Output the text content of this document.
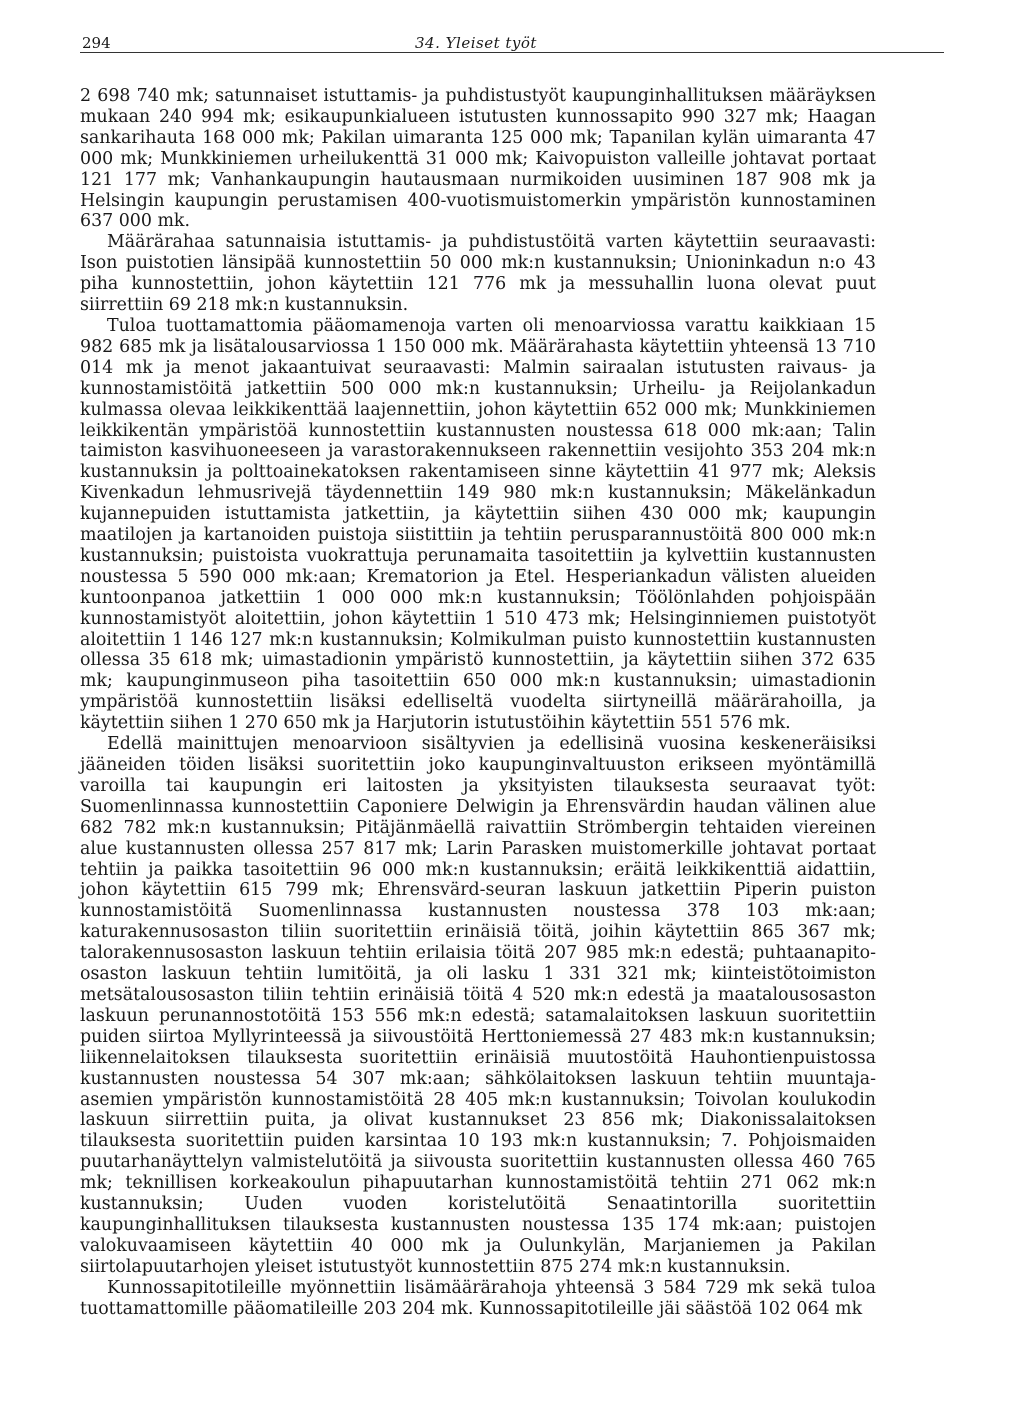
294	34. Yleiset työt

2 698 740 mk; satunnaiset istuttamis- ja puhdistustyöt kaupunginhallituksen määräyksen mukaan 240 994 mk; esikaupunkialueen istutusten kunnossapito 990 327 mk; Haagan sankarihauta 168 000 mk; Pakilan uimaranta 125 000 mk; Tapanilan kylän uimaranta 47 000 mk; Munkkiniemen urheilukenttä 31 000 mk; Kaivopuiston valleille johtavat portaat 121 177 mk; Vanhankaupungin hautausmaan nurmikoiden uusiminen 187 908 mk ja Helsingin kaupungin perustamisen 400-vuotismuistomerkin ympäristön kunnostaminen 637 000 mk.

Määrärahaa satunnaisia istuttamis- ja puhdistustöitä varten käytettiin seuraavasti: Ison puistotien länsipää kunnostettiin 50 000 mk:n kustannuksin; Unioninkadun n:o 43 piha kunnostettiin, johon käytettiin 121 776 mk ja messuhallin luona olevat puut siirrettiin 69 218 mk:n kustannuksin.

Tuloa tuottamattomia pääomamenoja varten oli menoarviossa varattu kaikkiaan 15 982 685 mk ja lisätalousarviossa 1 150 000 mk. Määrärahasta käytettiin yhteensä 13 710 014 mk ja menot jakaantuivat seuraavasti: Malmin sairaalan istutusten raivaus- ja kunnostamistöitä jatkettiin 500 000 mk:n kustannuksin; Urheilu- ja Reijolankadun kulmassa olevaa leikkikenttää laajennettiin, johon käytettiin 652 000 mk; Munkkiniemen leikkikentän ympäristöä kunnostettiin kustannusten noustessa 618 000 mk:aan; Talin taimiston kasvihuoneeseen ja varastorakennukseen rakennettiin vesijohto 353 204 mk:n kustannuksin ja polttoainekatoksen rakentamiseen sinne käytettiin 41 977 mk; Aleksis Kivenkadun lehmusrivejä täydennettiin 149 980 mk:n kustannuksin; Mäkelänkadun kujannepuiden istuttamista jatkettiin, ja käytettiin siihen 430 000 mk; kaupungin maatilojen ja kartanoiden puistoja siistittiin ja tehtiin perusparannustöitä 800 000 mk:n kustannuksin; puistoista vuokrattuja perunamaita tasoitettiin ja kylvettiin kustannusten noustessa 5 590 000 mk:aan; Krematorion ja Etel. Hesperiankadun välisten alueiden kuntoonpanoa jatkettiin 1 000 000 mk:n kustannuksin; Töölönlahden pohjoispään kunnostamistyöt aloitettiin, johon käytettiin 1 510 473 mk; Helsinginniemen puistotyöt aloitettiin 1 146 127 mk:n kustannuksin; Kolmikulman puisto kunnostettiin kustannusten ollessa 35 618 mk; uimastadionin ympäristö kunnostettiin, ja käytettiin siihen 372 635 mk; kaupunginmuseon piha tasoitettiin 650 000 mk:n kustannuksin; uimastadionin ympäristöä kunnostettiin lisäksi edelliseltä vuodelta siirtyneillä määrärahoilla, ja käytettiin siihen 1 270 650 mk ja Harjutorin istutustöihin käytettiin 551 576 mk.

Edellä mainittujen menoarvioon sisältyvien ja edellisinä vuosina keskeneräisiksi jääneiden töiden lisäksi suoritettiin joko kaupunginvaltuuston erikseen myöntämillä varoilla tai kaupungin eri laitosten ja yksityisten tilauksesta seuraavat työt: Suomenlinnassa kunnostettiin Caponiere Delwigin ja Ehrensvärdin haudan välinen alue 682 782 mk:n kustannuksin; Pitäjänmäellä raivattiin Strömbergin tehtaiden viereinen alue kustannusten ollessa 257 817 mk; Larin Parasken muistomerkille johtavat portaat tehtiin ja paikka tasoitettiin 96 000 mk:n kustannuksin; eräitä leikkikenttiä aidattiin, johon käytettiin 615 799 mk; Ehrensvärd-seuran laskuun jatkettiin Piperin puiston kunnostamistöitä Suomenlinnassa kustannusten noustessa 378 103 mk:aan; katurakennusosaston tiliin suoritettiin erinäisiä töitä, joihin käytettiin 865 367 mk; talorakennusosaston laskuun tehtiin erilaisia töitä 207 985 mk:n edestä; puhtaanapito-osaston laskuun tehtiin lumitöitä, ja oli lasku 1 331 321 mk; kiinteistötoimiston metsätalousosaston tiliin tehtiin erinäisiä töitä 4 520 mk:n edestä ja maatalousosaston laskuun perunannostotöitä 153 556 mk:n edestä; satamalaitoksen laskuun suoritettiin puiden siirtoa Myllyrinteessä ja siivoustöitä Herttoniemessä 27 483 mk:n kustannuksin; liikennelaitoksen tilauksesta suoritettiin erinäisiä muutostöitä Hauhontienpuistossa kustannusten noustessa 54 307 mk:aan; sähkölaitoksen laskuun tehtiin muuntaja-asemien ympäristön kunnostamistöitä 28 405 mk:n kustannuksin; Toivolan koulukodin laskuun siirrettiin puita, ja olivat kustannukset 23 856 mk; Diakonissalaitoksen tilauksesta suoritettiin puiden karsintaa 10 193 mk:n kustannuksin; 7. Pohjoismaiden puutarhanäyttelyn valmistelutöitä ja siivousta suoritettiin kustannusten ollessa 460 765 mk; teknillisen korkeakoulun pihapuutarhan kunnostamistöitä tehtiin 271 062 mk:n kustannuksin; Uuden vuoden koristelutöitä Senaatintorilla suoritettiin kaupunginhallituksen tilauksesta kustannusten noustessa 135 174 mk:aan; puistojen valokuvaamiseen käytettiin 40 000 mk ja Oulunkylän, Marjaniemen ja Pakilan siirtolapuutarhojen yleiset istutustyöt kunnostettiin 875 274 mk:n kustannuksin.

Kunnossapitotileille myönnettiin lisämäärärahoja yhteensä 3 584 729 mk sekä tuloa tuottamattomille pääomatileille 203 204 mk. Kunnossapitotileille jäi säästöä 102 064 mk
